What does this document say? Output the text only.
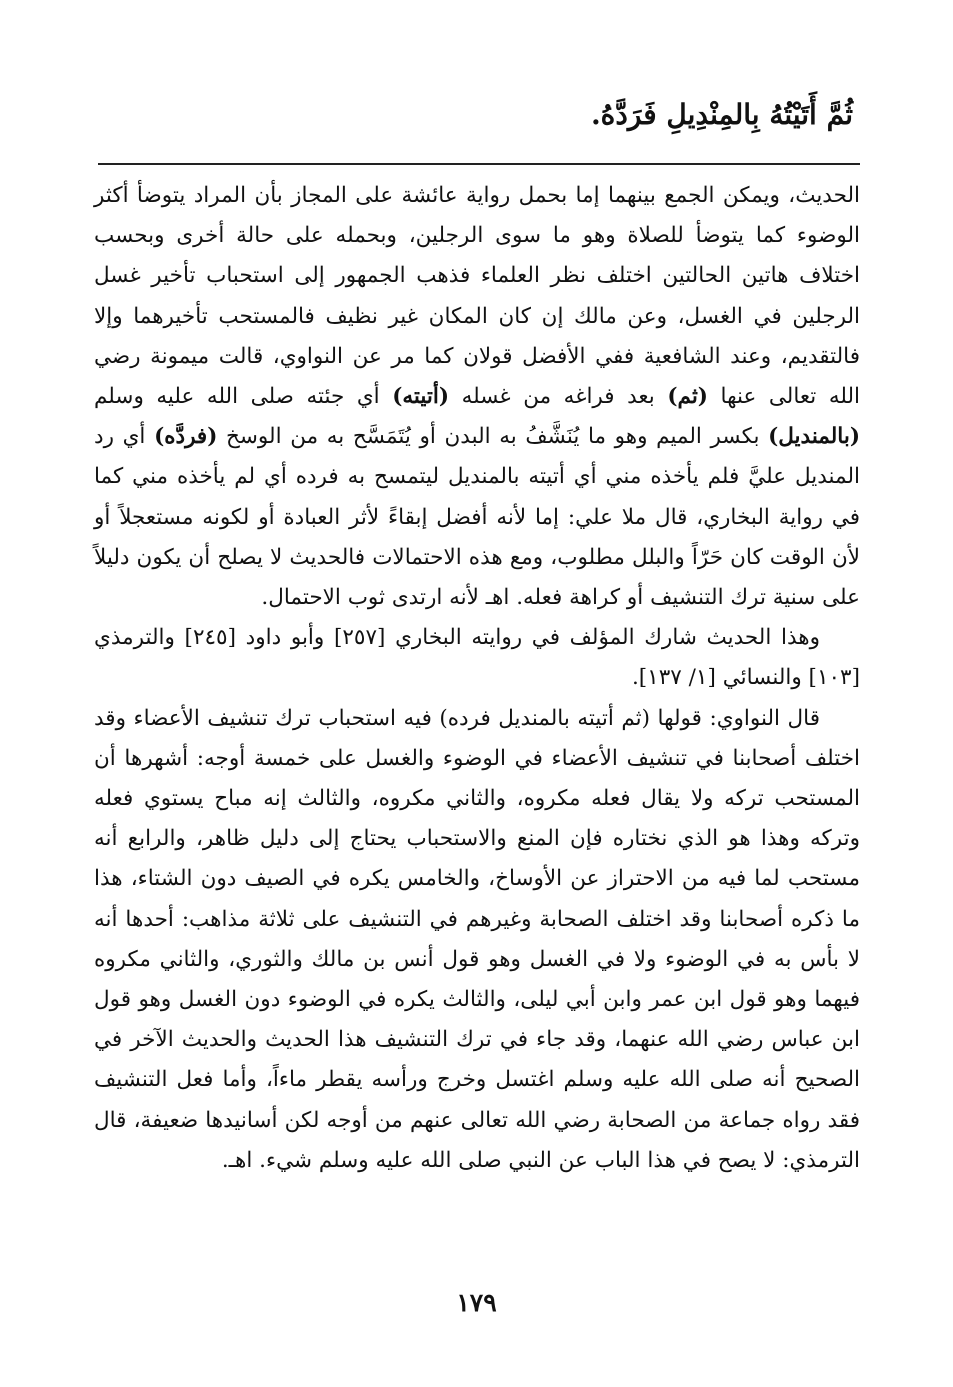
ثُمَّ أَتَيْتُهُ بِالمِنْدِيلِ فَرَدَّهُ.

الحديث، ويمكن الجمع بينهما إما بحمل رواية عائشة على المجاز بأن المراد يتوضأ أكثر الوضوء كما يتوضأ للصلاة وهو ما سوى الرجلين، وبحمله على حالة أخرى وبحسب اختلاف هاتين الحالتين اختلف نظر العلماء فذهب الجمهور إلى استحباب تأخير غسل الرجلين في الغسل، وعن مالك إن كان المكان غير نظيف فالمستحب تأخيرهما وإلا فالتقديم، وعند الشافعية ففي الأفضل قولان كما مر عن النواوي، قالت ميمونة رضي الله تعالى عنها (ثم) بعد فراغه من غسله (أتيته) أي جئته صلى الله عليه وسلم (بالمنديل) بكسر الميم وهو ما يُنَشَّفُ به البدن أو يُتَمَسَّح به من الوسخ (فردَّه) أي رد المنديل عليَّ فلم يأخذه مني أي أتيته بالمنديل ليتمسح به فرده أي لم يأخذه مني كما في رواية البخاري، قال ملا علي: إما لأنه أفضل إبقاءً لأثر العبادة أو لكونه مستعجلاً أو لأن الوقت كان حَرّاً والبلل مطلوب، ومع هذه الاحتمالات فالحديث لا يصلح أن يكون دليلاً على سنية ترك التنشيف أو كراهة فعله. اهـ لأنه ارتدى ثوب الاحتمال.

وهذا الحديث شارك المؤلف في روايته البخاري [٢٥٧] وأبو داود [٢٤٥] والترمذي [١٠٣] والنسائي [١/ ١٣٧].

قال النواوي: قولها (ثم أتيته بالمنديل فرده) فيه استحباب ترك تنشيف الأعضاء وقد اختلف أصحابنا في تنشيف الأعضاء في الوضوء والغسل على خمسة أوجه: أشهرها أن المستحب تركه ولا يقال فعله مكروه، والثاني مكروه، والثالث إنه مباح يستوي فعله وتركه وهذا هو الذي نختاره فإن المنع والاستحباب يحتاج إلى دليل ظاهر، والرابع أنه مستحب لما فيه من الاحتراز عن الأوساخ، والخامس يكره في الصيف دون الشتاء، هذا ما ذكره أصحابنا وقد اختلف الصحابة وغيرهم في التنشيف على ثلاثة مذاهب: أحدها أنه لا بأس به في الوضوء ولا في الغسل وهو قول أنس بن مالك والثوري، والثاني مكروه فيهما وهو قول ابن عمر وابن أبي ليلى، والثالث يكره في الوضوء دون الغسل وهو قول ابن عباس رضي الله عنهما، وقد جاء في ترك التنشيف هذا الحديث والحديث الآخر في الصحيح أنه صلى الله عليه وسلم اغتسل وخرج ورأسه يقطر ماءاً، وأما فعل التنشيف فقد رواه جماعة من الصحابة رضي الله تعالى عنهم من أوجه لكن أسانيدها ضعيفة، قال الترمذي: لا يصح في هذا الباب عن النبي صلى الله عليه وسلم شيء. اهـ.

١٧٩
